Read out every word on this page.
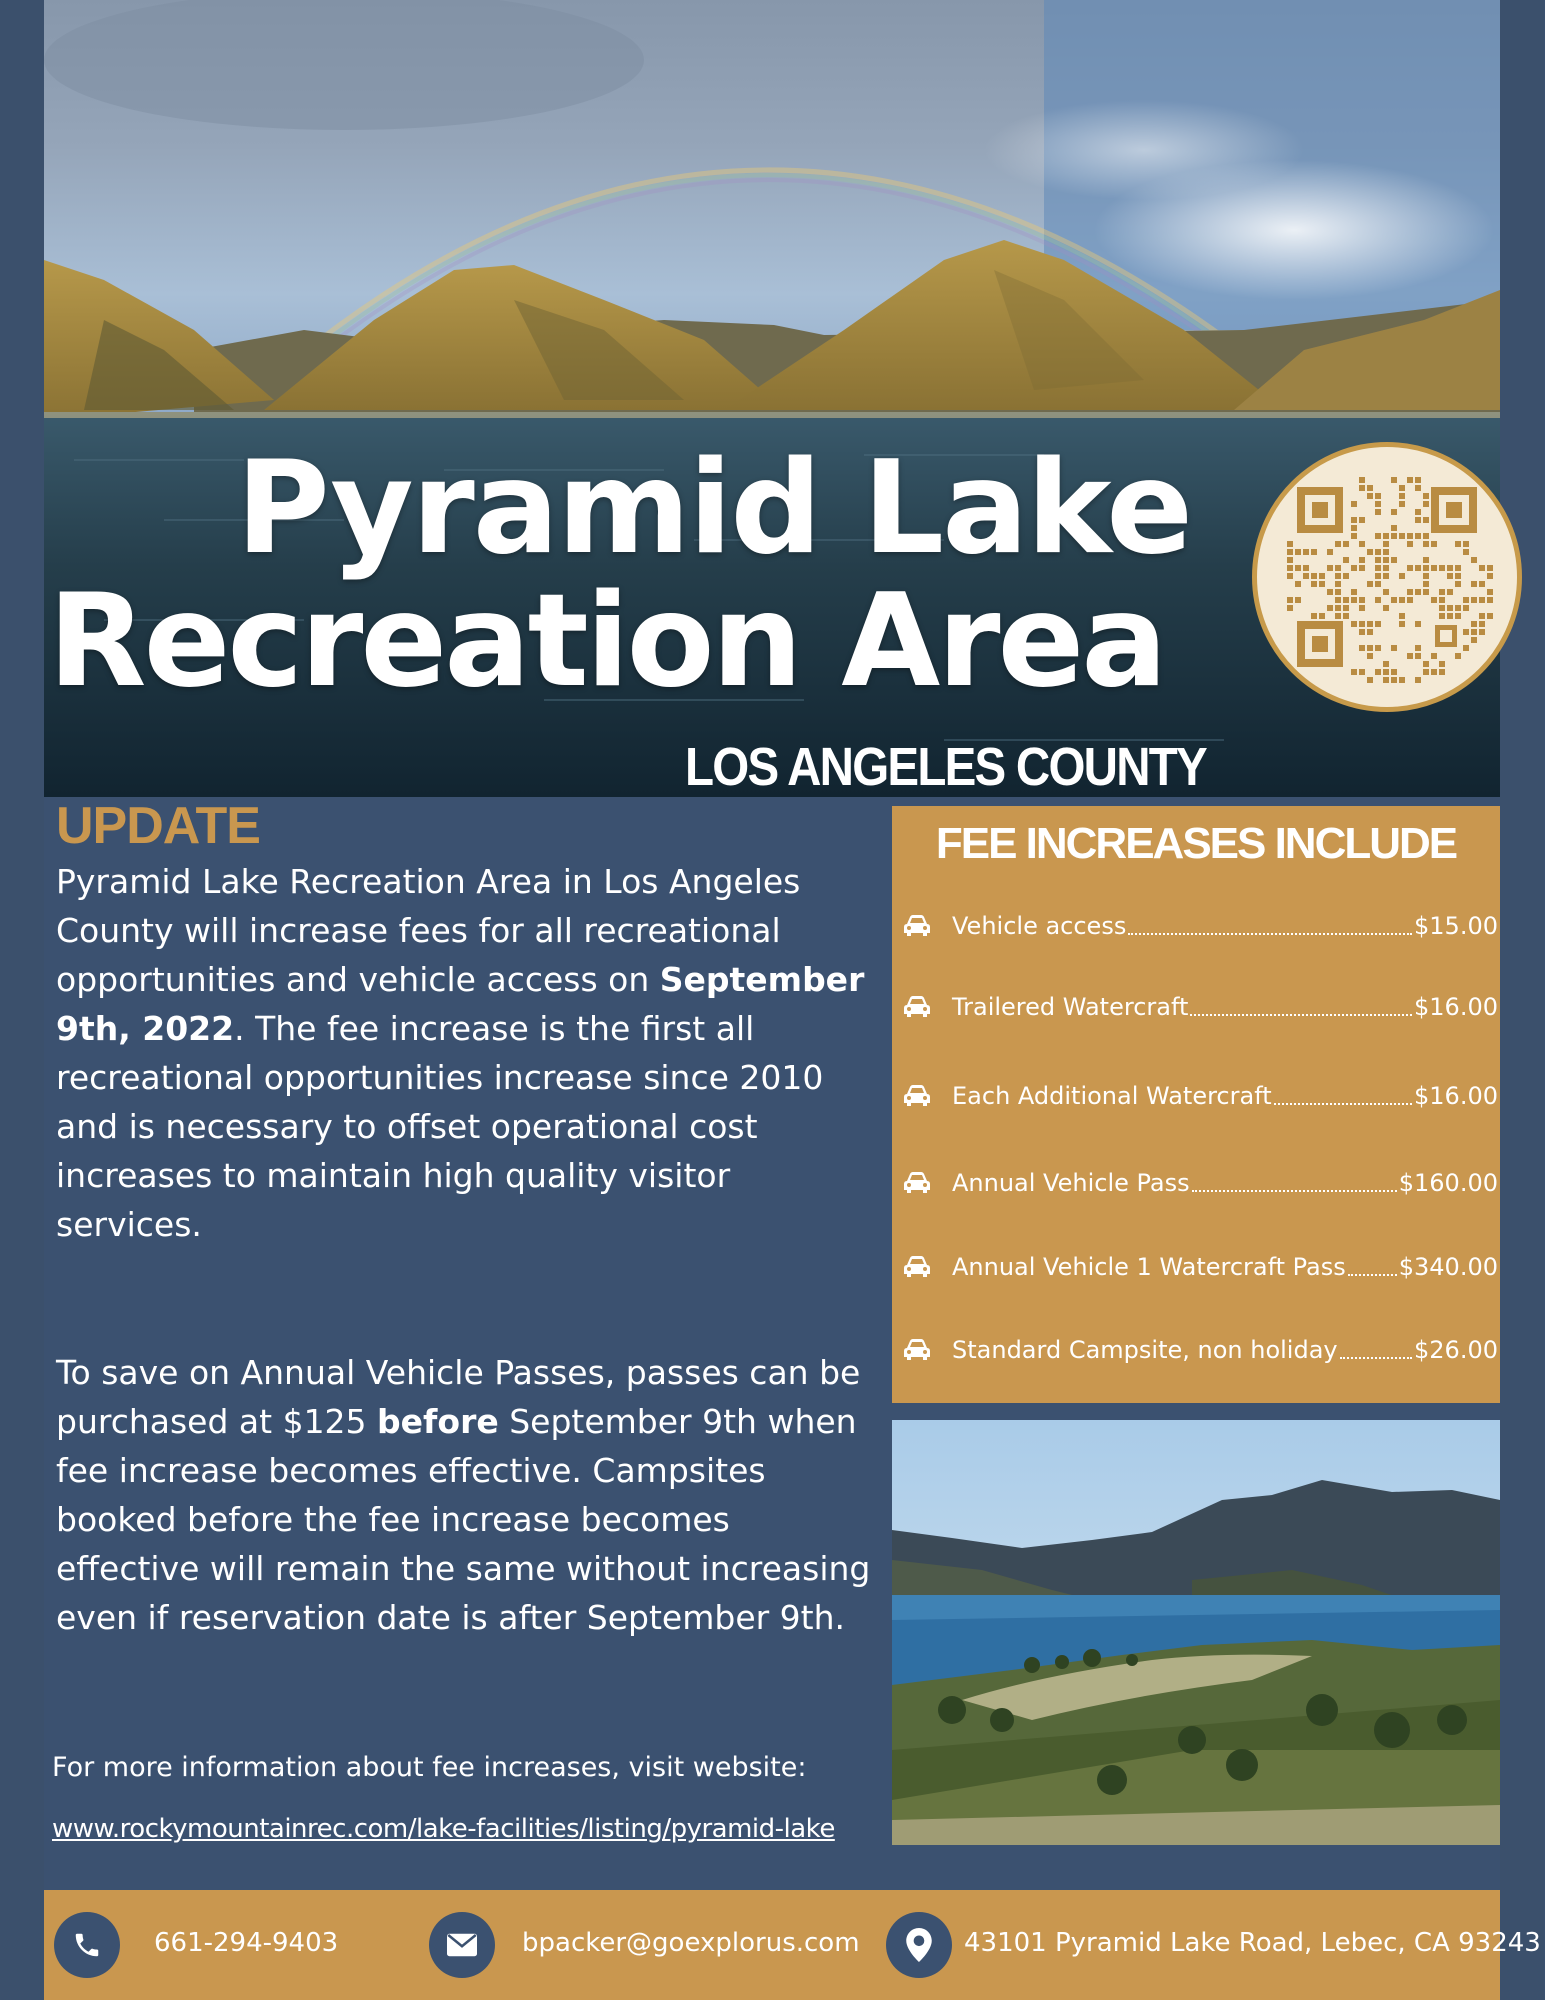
Pyramid Lake
Recreation Area
LOS ANGELES COUNTY
UPDATE

Pyramid Lake Recreation Area in Los Angeles County will increase fees for all recreational opportunities and vehicle access on September 9th, 2022. The fee increase is the first all recreational opportunities increase since 2010 and is necessary to offset operational cost increases to maintain high quality visitor services.

To save on Annual Vehicle Passes, passes can be purchased at $125 before September 9th when fee increase becomes effective. Campsites booked before the fee increase becomes effective will remain the same without increasing even if reservation date is after September 9th.

For more information about fee increases, visit website:
www.rockymountainrec.com/lake-facilities/listing/pyramid-lake
FEE INCREASES INCLUDE
Vehicle access	$15.00
Trailered Watercraft	$16.00
Each Additional Watercraft	$16.00
Annual Vehicle Pass	$160.00
Annual Vehicle 1 Watercraft Pass $340.00
Standard Campsite, non holiday	$26.00
661-294-9403	bpacker@goexplorus.com	43101 Pyramid Lake Road, Lebec, CA 93243
